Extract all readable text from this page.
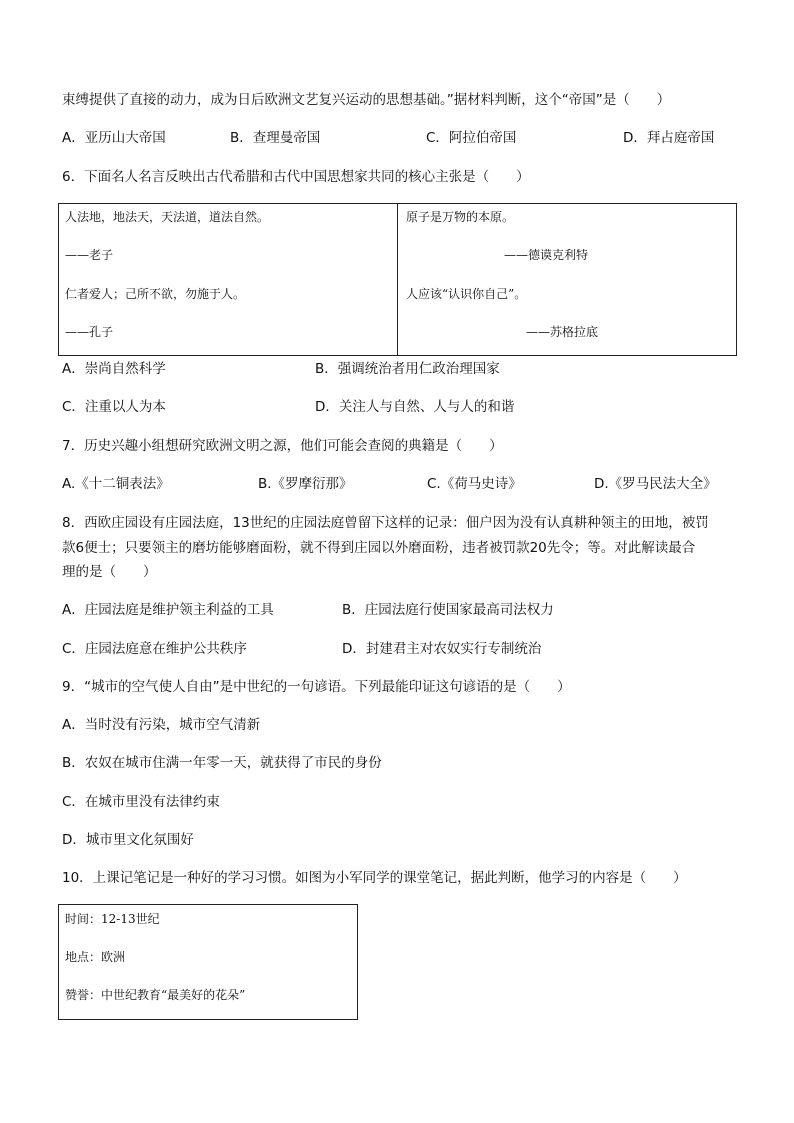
束缚提供了直接的动力，成为日后欧洲文艺复兴运动的思想基础。”据材料判断，这个“帝国”是（　　）
A．亚历山大帝国	B．查理曼帝国	C．阿拉伯帝国	D．拜占庭帝国
6．下面名人名言反映出古代希腊和古代中国思想家共同的核心主张是（　　）
人法地，地法天，天法道，道法自然。
——老子
仁者爱人；己所不欲，勿施于人。
——孔子
原子是万物的本原。
——德谟克利特
人应该“认识你自己”。
——苏格拉底
A．崇尚自然科学	B．强调统治者用仁政治理国家
C．注重以人为本	D．关注人与自然、人与人的和谐
7．历史兴趣小组想研究欧洲文明之源，他们可能会查阅的典籍是（　　）
A.《十二铜表法》	B.《罗摩衍那》	C.《荷马史诗》	D.《罗马民法大全》
8．西欧庄园设有庄园法庭，13世纪的庄园法庭曾留下这样的记录：佃户因为没有认真耕种领主的田地，被罚
款6便士；只要领主的磨坊能够磨面粉，就不得到庄园以外磨面粉，违者被罚款20先令；等。对此解读最合
理的是（　　）
A．庄园法庭是维护领主利益的工具	B．庄园法庭行使国家最高司法权力
C．庄园法庭意在维护公共秩序	D．封建君主对农奴实行专制统治
9．“城市的空气使人自由”是中世纪的一句谚语。下列最能印证这句谚语的是（　　）
A．当时没有污染，城市空气清新
B．农奴在城市住满一年零一天，就获得了市民的身份
C．在城市里没有法律约束
D．城市里文化氛围好
10．上课记笔记是一种好的学习习惯。如图为小军同学的课堂笔记，据此判断，他学习的内容是（　　）
时间：12-13世纪
地点：欧洲
赞誉：中世纪教育“最美好的花朵”
